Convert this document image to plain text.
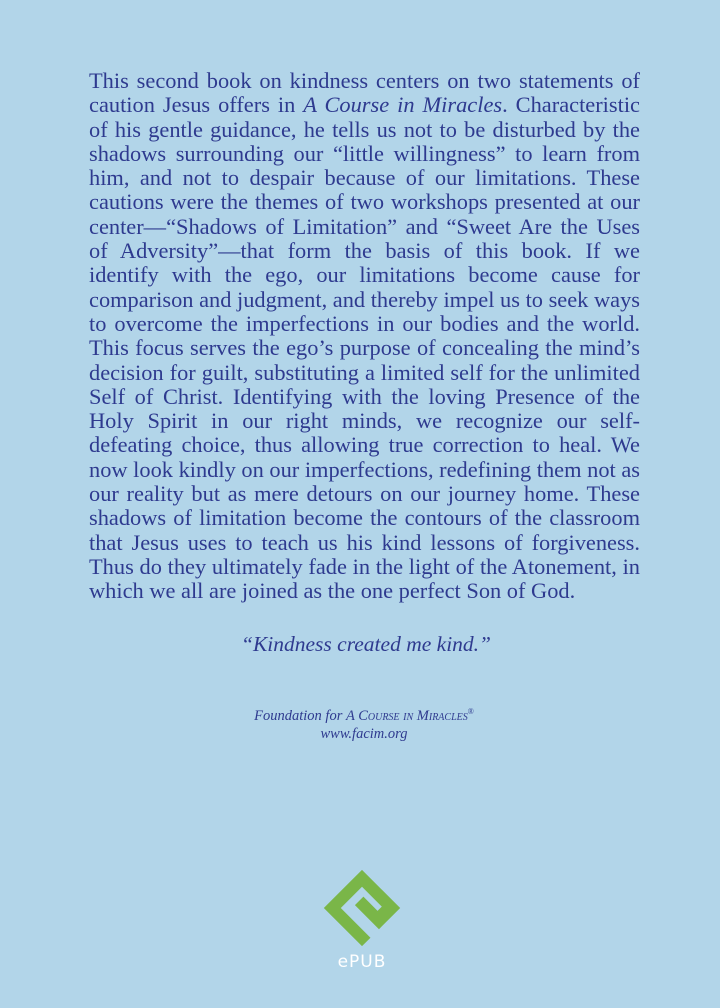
This second book on kindness centers on two statements of caution Jesus offers in A Course in Miracles. Characteristic of his gentle guidance, he tells us not to be disturbed by the shadows surrounding our “little willingness” to learn from him, and not to despair because of our limitations. These cautions were the themes of two workshops presented at our center—“Shadows of Limitation” and “Sweet Are the Uses of Adversity”—that form the basis of this book. If we identify with the ego, our limitations become cause for comparison and judgment, and thereby impel us to seek ways to overcome the imperfections in our bodies and the world. This focus serves the ego’s purpose of concealing the mind’s decision for guilt, substituting a limited self for the unlimited Self of Christ. Identifying with the loving Presence of the Holy Spirit in our right minds, we recognize our self-defeating choice, thus allowing true correction to heal. We now look kindly on our imperfections, redefining them not as our reality but as mere detours on our journey home. These shadows of limitation become the contours of the classroom that Jesus uses to teach us his kind lessons of forgiveness. Thus do they ultimately fade in the light of the Atonement, in which we all are joined as the one perfect Son of God.

“Kindness created me kind.”
Foundation for A Course in Miracles®
www.facim.org
ePUB
